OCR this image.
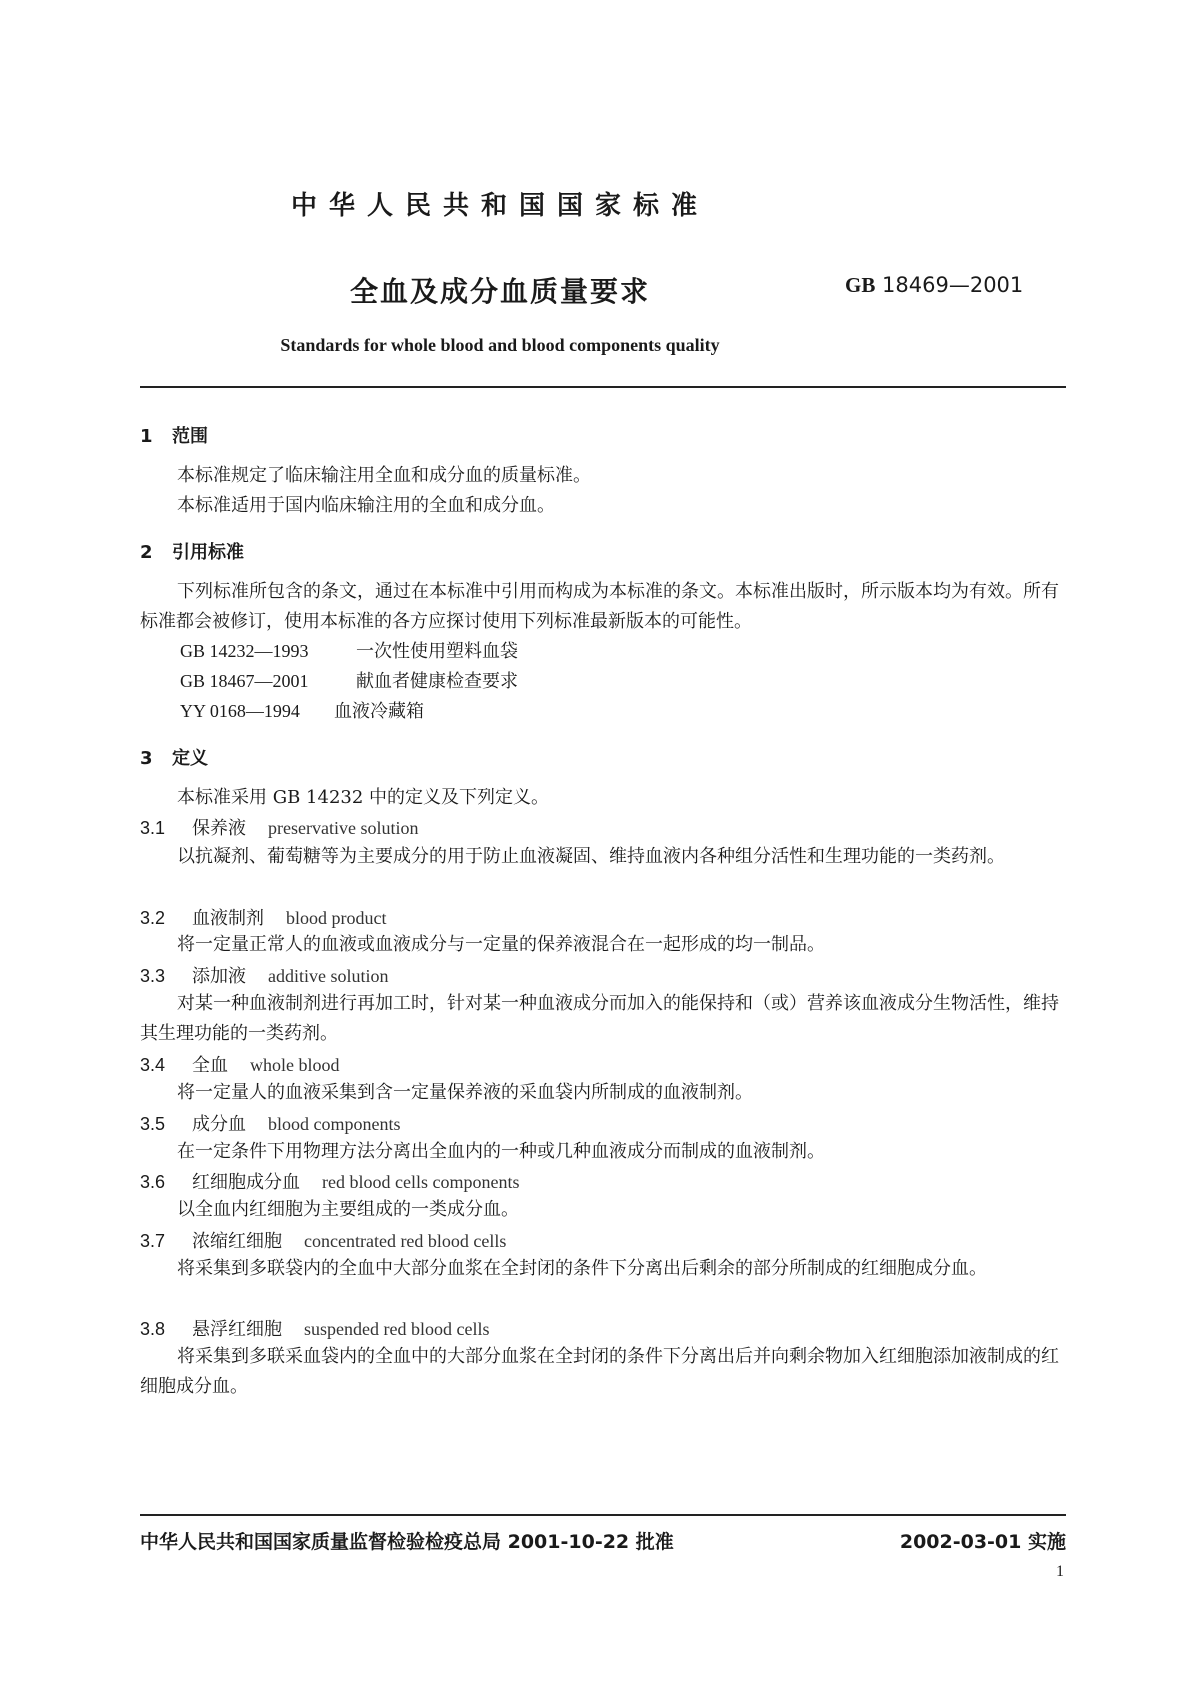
中华人民共和国国家标准
全血及成分血质量要求	GB 18469—2001
Standards for whole blood and blood components quality
1 范围
本标准规定了临床输注用全血和成分血的质量标准。
本标准适用于国内临床输注用的全血和成分血。
2 引用标准
下列标准所包含的条文，通过在本标准中引用而构成为本标准的条文。本标准出版时，所示版本均为有效。所有标准都会被修订，使用本标准的各方应探讨使用下列标准最新版本的可能性。
GB 14232—1993	一次性使用塑料血袋
GB 18467—2001	献血者健康检查要求
YY 0168—1994 血液冷藏箱
3 定义
本标准采用 GB 14232 中的定义及下列定义。
3.1 保养液 preservative solution
以抗凝剂、葡萄糖等为主要成分的用于防止血液凝固、维持血液内各种组分活性和生理功能的一类药剂。
3.2 血液制剂 blood product
将一定量正常人的血液或血液成分与一定量的保养液混合在一起形成的均一制品。
3.3 添加液 additive solution
对某一种血液制剂进行再加工时，针对某一种血液成分而加入的能保持和（或）营养该血液成分生物活性，维持其生理功能的一类药剂。
3.4 全血 whole blood
将一定量人的血液采集到含一定量保养液的采血袋内所制成的血液制剂。
3.5 成分血 blood components
在一定条件下用物理方法分离出全血内的一种或几种血液成分而制成的血液制剂。
3.6 红细胞成分血 red blood cells components
以全血内红细胞为主要组成的一类成分血。
3.7 浓缩红细胞 concentrated red blood cells
将采集到多联袋内的全血中大部分血浆在全封闭的条件下分离出后剩余的部分所制成的红细胞成分血。
3.8 悬浮红细胞 suspended red blood cells
将采集到多联采血袋内的全血中的大部分血浆在全封闭的条件下分离出后并向剩余物加入红细胞添加液制成的红细胞成分血。
中华人民共和国国家质量监督检验检疫总局 2001-10-22 批准	2002-03-01 实施
1
